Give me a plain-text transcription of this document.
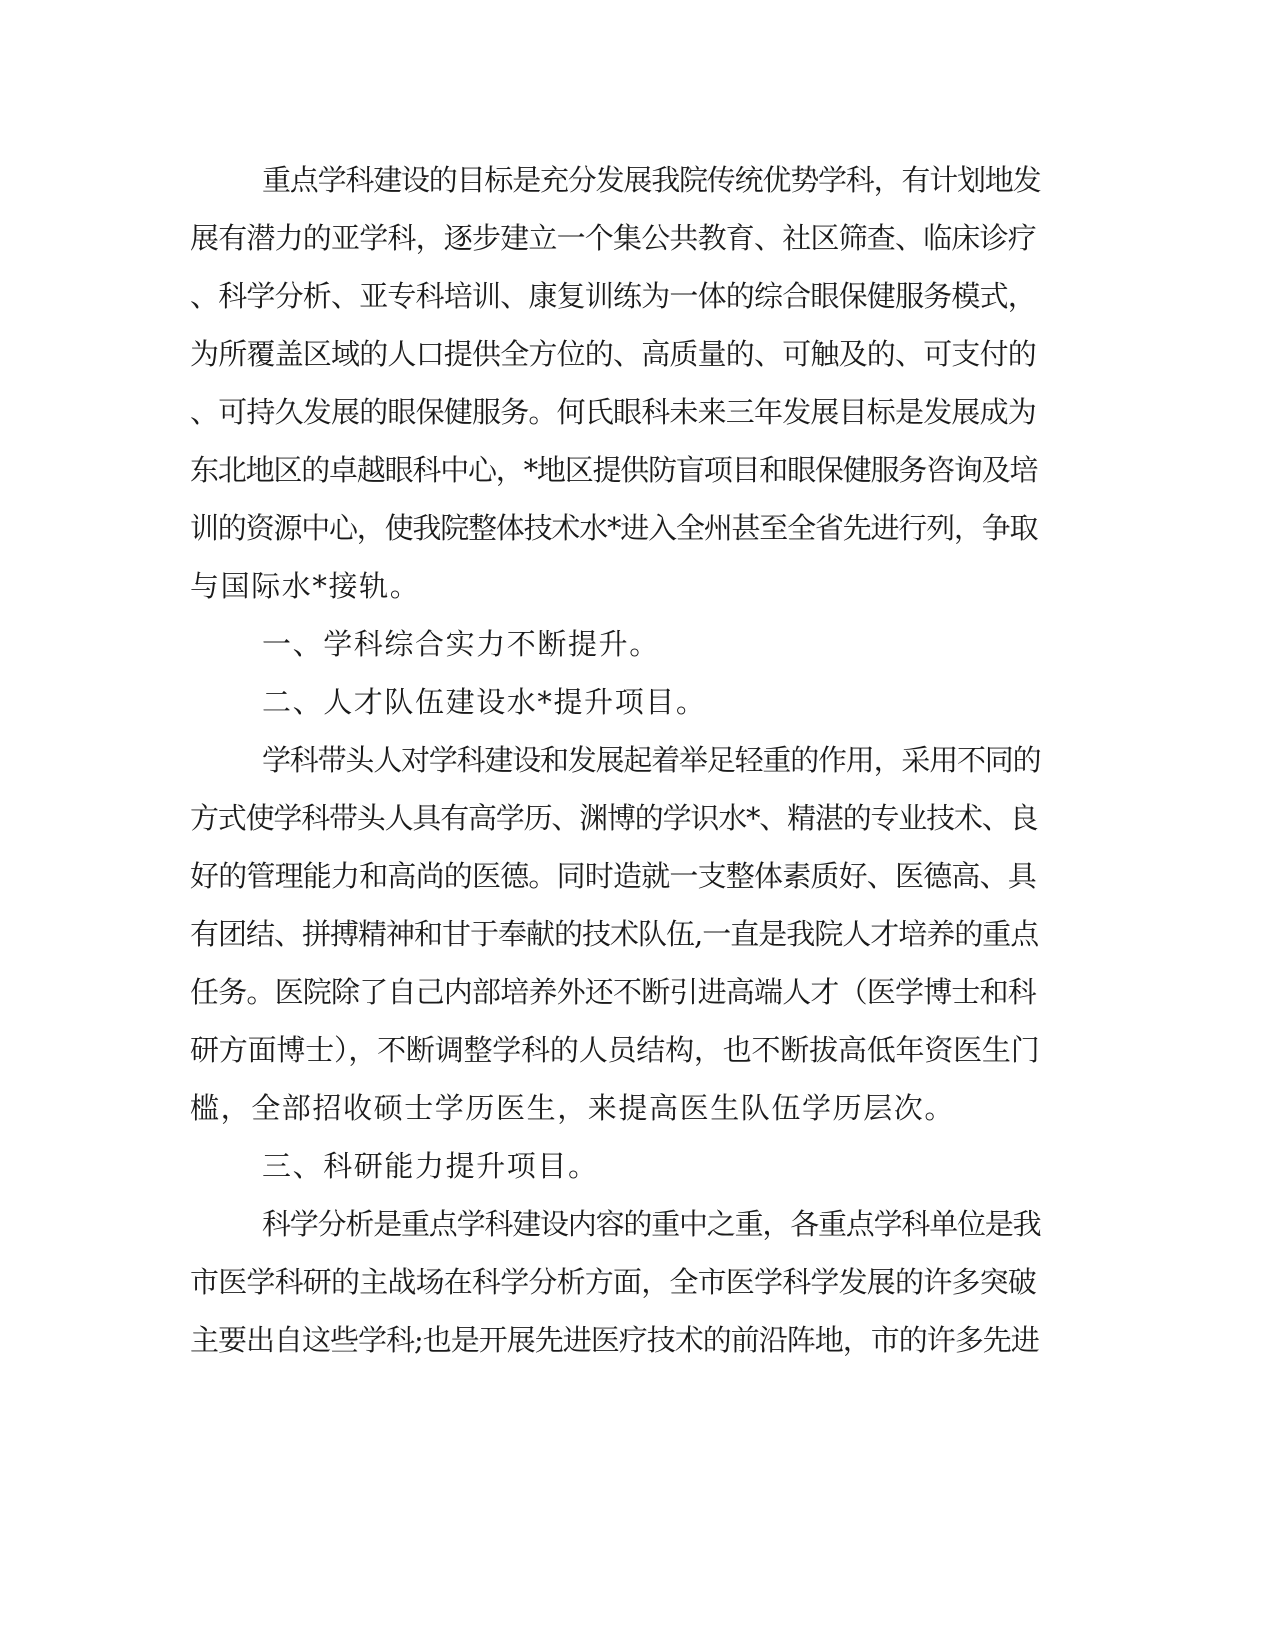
重点学科建设的目标是充分发展我院传统优势学科，有计划地发

展有潜力的亚学科，逐步建立一个集公共教育、社区筛查、临床诊疗

、科学分析、亚专科培训、康复训练为一体的综合眼保健服务模式，

为所覆盖区域的人口提供全方位的、高质量的、可触及的、可支付的

、可持久发展的眼保健服务。何氏眼科未来三年发展目标是发展成为

东北地区的卓越眼科中心，*地区提供防盲项目和眼保健服务咨询及培

训的资源中心，使我院整体技术水*进入全州甚至全省先进行列，争取

与国际水*接轨。

一、学科综合实力不断提升。

二、人才队伍建设水*提升项目。

学科带头人对学科建设和发展起着举足轻重的作用，采用不同的

方式使学科带头人具有高学历、渊博的学识水*、精湛的专业技术、良

好的管理能力和高尚的医德。同时造就一支整体素质好、医德高、具

有团结、拼搏精神和甘于奉献的技术队伍,一直是我院人才培养的重点

任务。医院除了自己内部培养外还不断引进高端人才（医学博士和科

研方面博士），不断调整学科的人员结构，也不断拔高低年资医生门

槛，全部招收硕士学历医生，来提高医生队伍学历层次。

三、科研能力提升项目。

科学分析是重点学科建设内容的重中之重，各重点学科单位是我

市医学科研的主战场在科学分析方面，全市医学科学发展的许多突破

主要出自这些学科;也是开展先进医疗技术的前沿阵地，市的许多先进
